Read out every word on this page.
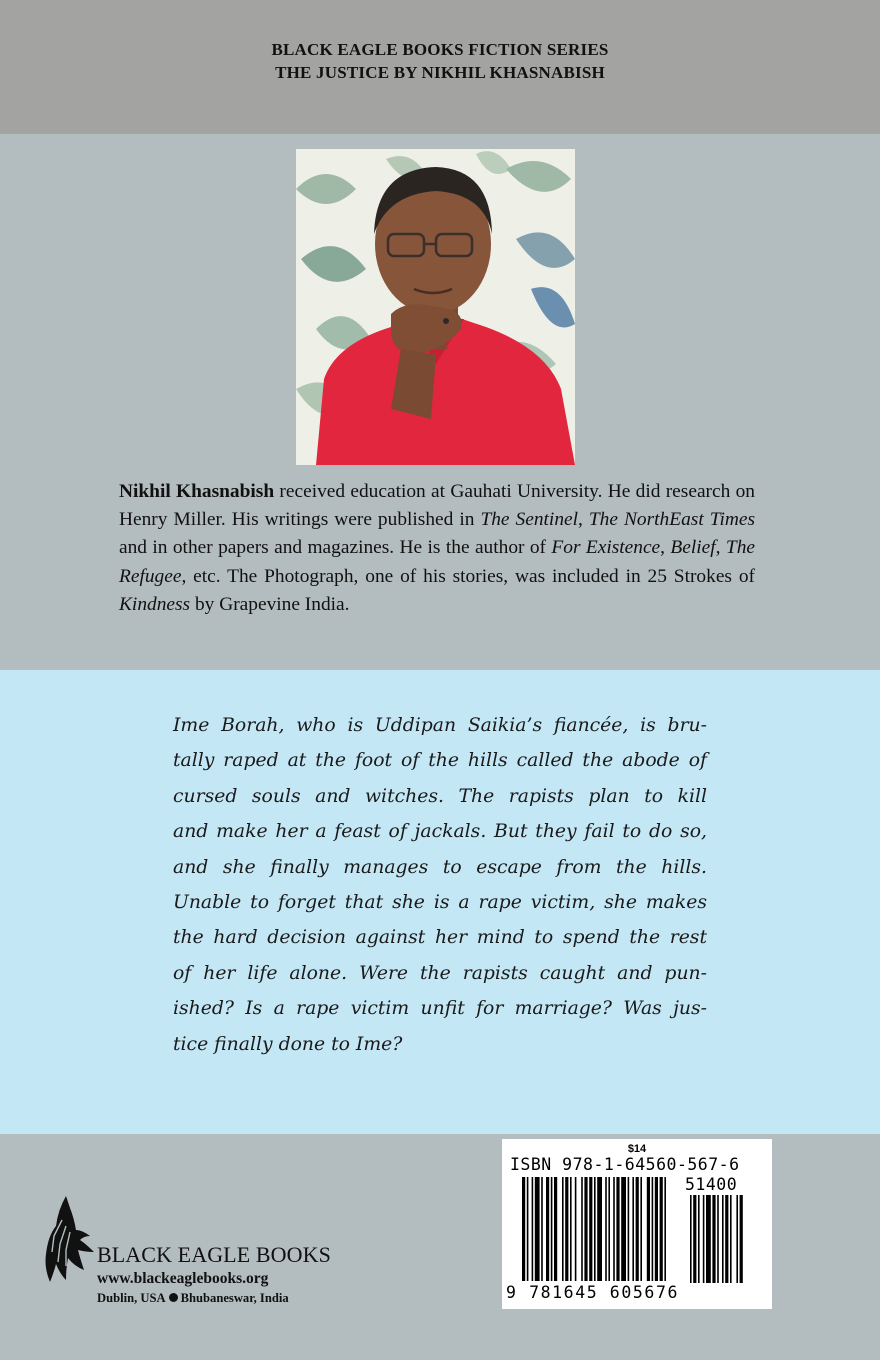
BLACK EAGLE BOOKS FICTION SERIES
THE JUSTICE BY NIKHIL KHASNABISH
Nikhil Khasnabish received education at Gauhati University. He did research on Henry Miller. His writings were published in The Sentinel, The NorthEast Times and in other papers and magazines. He is the author of For Existence, Belief, The Refugee, etc. The Photograph, one of his stories, was included in 25 Strokes of Kindness by Grapevine India.
Ime Borah, who is Uddipan Saikia’s fiancée, is bru-
tally raped at the foot of the hills called the abode of
cursed souls and witches. The rapists plan to kill
and make her a feast of jackals. But they fail to do so,
and she finally manages to escape from the hills.
Unable to forget that she is a rape victim, she makes
the hard decision against her mind to spend the rest
of her life alone. Were the rapists caught and pun-
ished? Is a rape victim unfit for marriage? Was jus-
tice finally done to Ime?
BLACK EAGLE BOOKS
www.blackeaglebooks.org
Dublin, USA Bhubaneswar, India
$14
ISBN 978-1-64560-567-6
51400
9 781645 605676
